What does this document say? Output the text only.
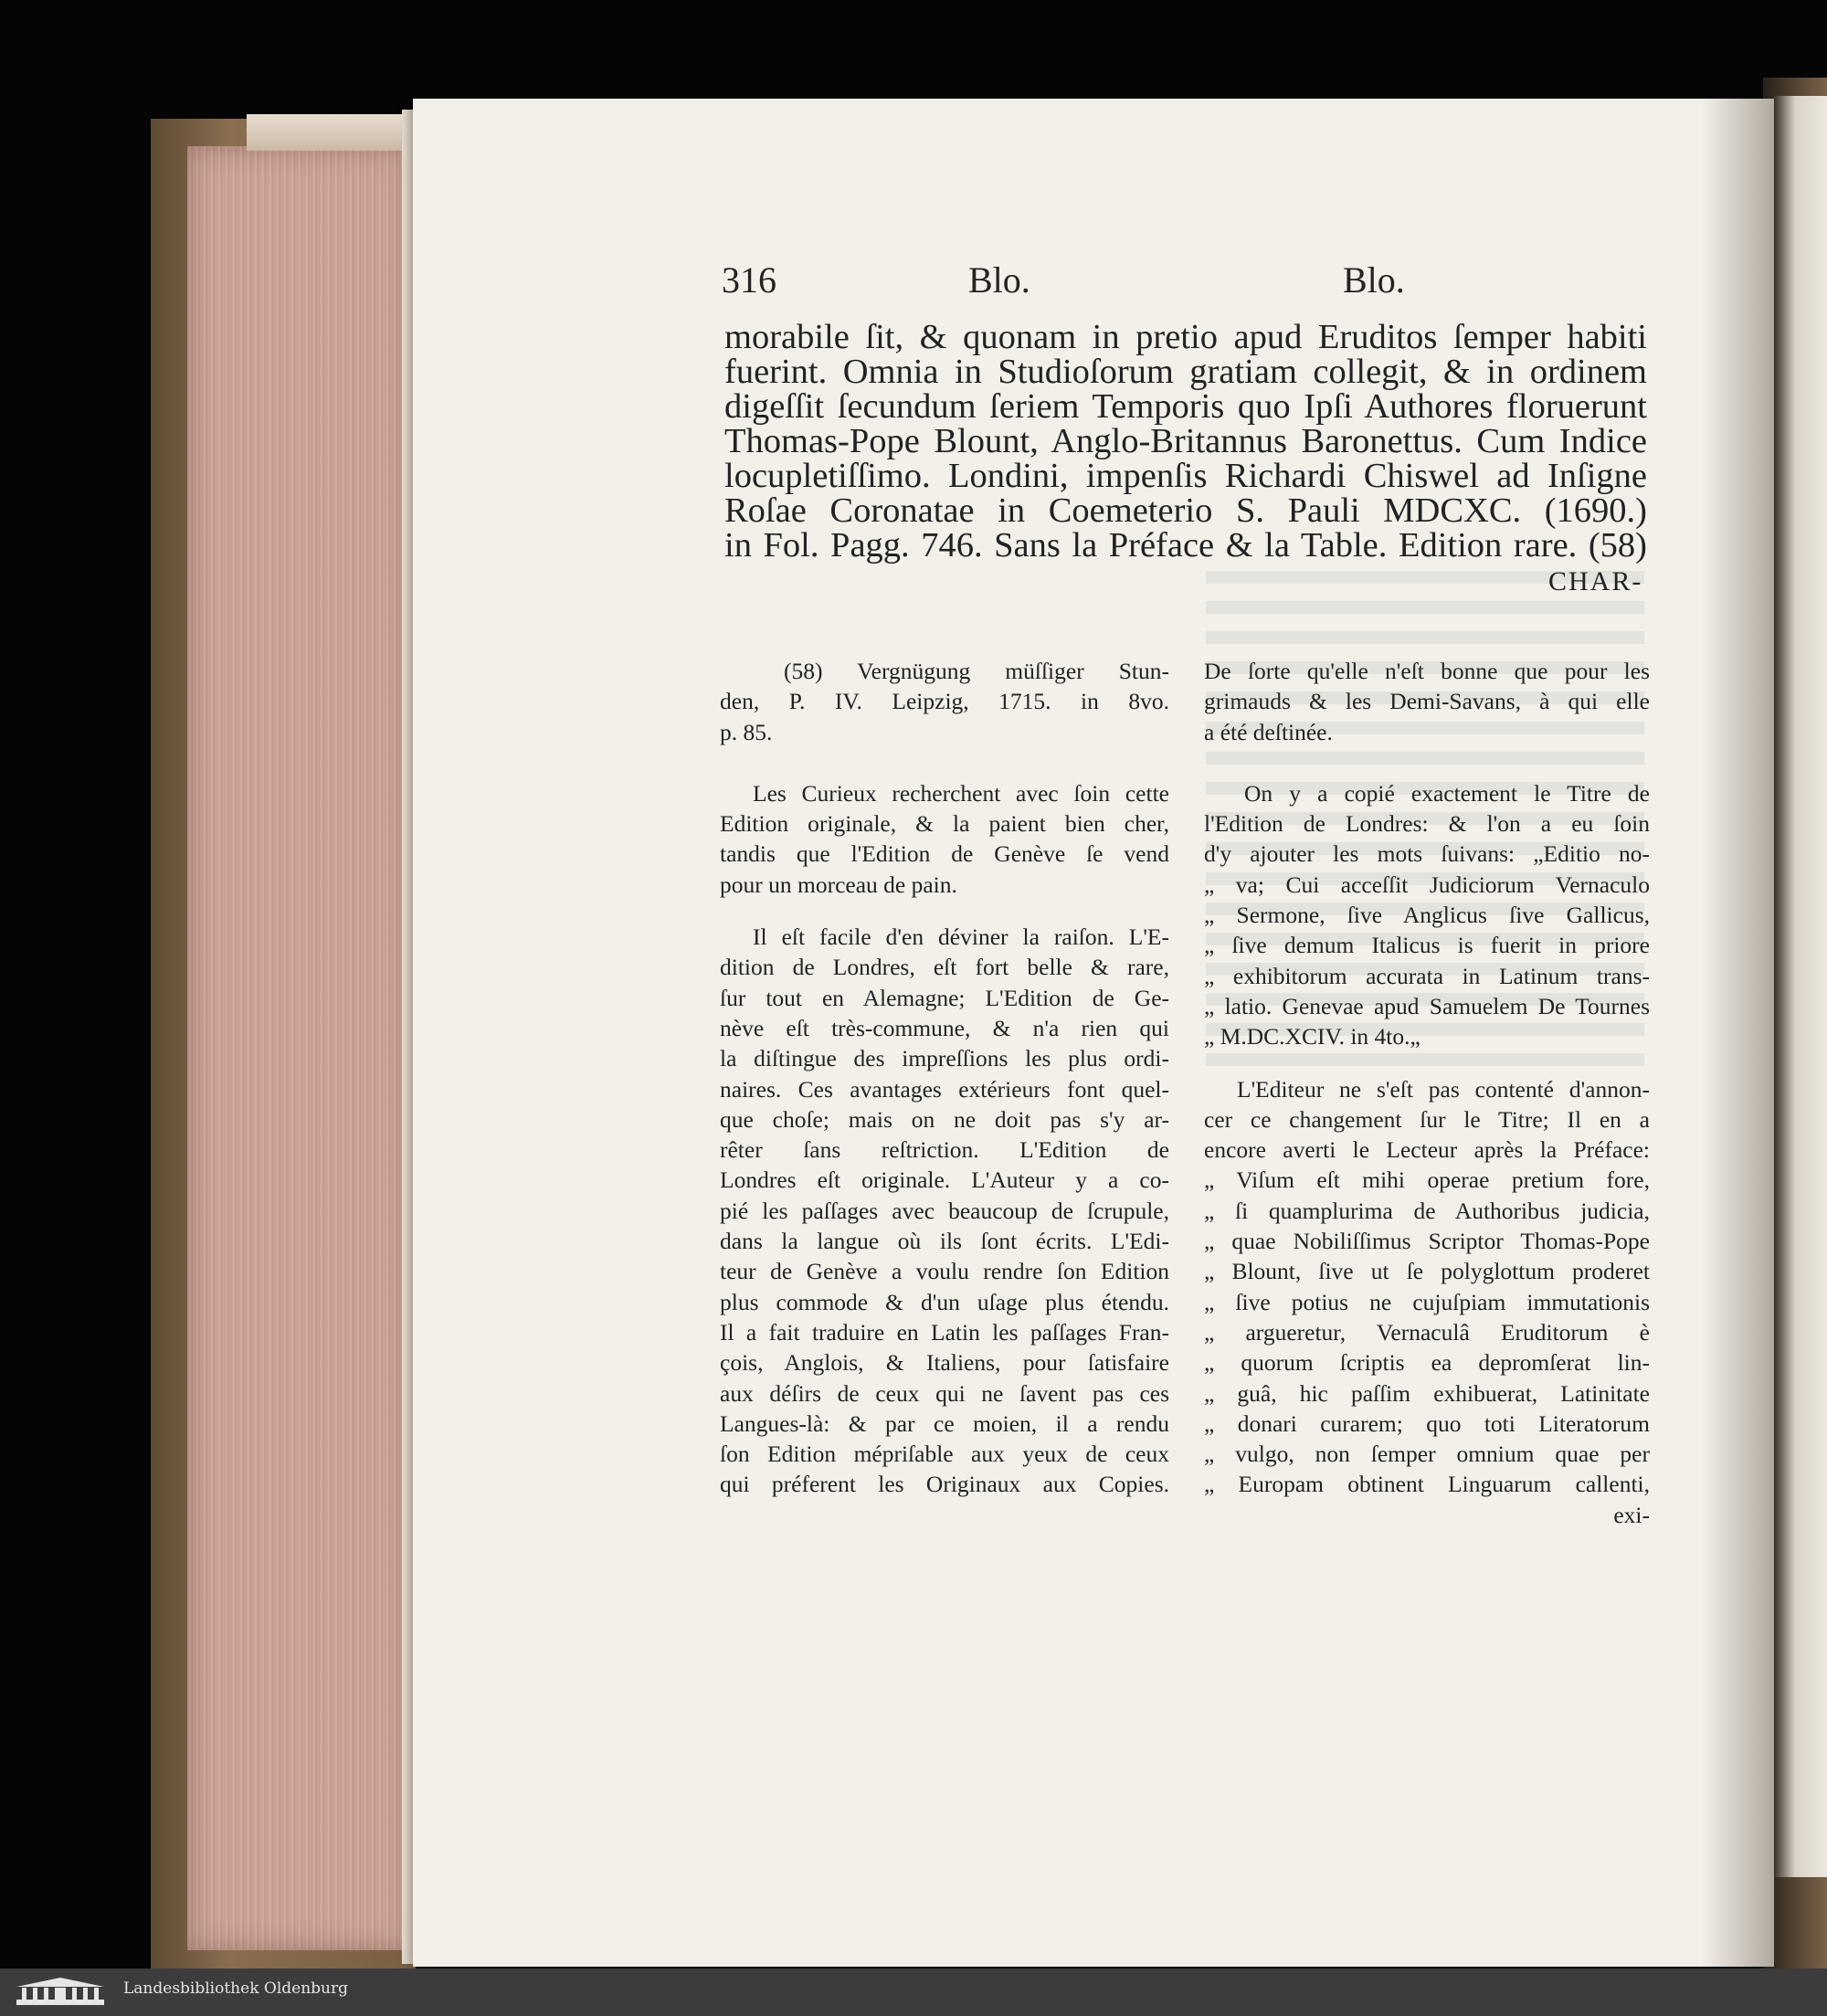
316	Blo.	Blo.
morabile ſit, & quonam in pretio apud Eruditos ſemper habiti
fuerint. Omnia in Studioſorum gratiam collegit, & in ordinem
digeſſit ſecundum ſeriem Temporis quo Ipſi Authores floruerunt
Thomas-Pope Blount, Anglo-Britannus Baronettus. Cum Indice
locupletiſſimo. Londini, impenſis Richardi Chiswel ad Inſigne
Roſae Coronatae in Coemeterio S. Pauli MDCXC. (1690.)
in Fol. Pagg. 746. Sans la Préface & la Table. Edition rare. (58)
CHAR-
(58) Vergnügung müſſiger Stun-
den, P. IV. Leipzig, 1715. in 8vo.
p. 85.
Les Curieux recherchent avec ſoin cette
Edition originale, & la paient bien cher,
tandis que l'Edition de Genève ſe vend
pour un morceau de pain.
Il eſt facile d'en déviner la raiſon. L'E-
dition de Londres, eſt fort belle & rare,
ſur tout en Alemagne; L'Edition de Ge-
nève eſt très-commune, & n'a rien qui
la diſtingue des impreſſions les plus ordi-
naires. Ces avantages extérieurs font quel-
que choſe; mais on ne doit pas s'y ar-
rêter ſans reſtriction. L'Edition de
Londres eſt originale. L'Auteur y a co-
pié les paſſages avec beaucoup de ſcrupule,
dans la langue où ils ſont écrits. L'Edi-
teur de Genève a voulu rendre ſon Edition
plus commode & d'un uſage plus étendu.
Il a fait traduire en Latin les paſſages Fran-
çois, Anglois, & Italiens, pour ſatisfaire
aux déſirs de ceux qui ne ſavent pas ces
Langues-là: & par ce moien, il a rendu
ſon Edition mépriſable aux yeux de ceux
qui préferent les Originaux aux Copies.
De ſorte qu'elle n'eſt bonne que pour les
grimauds & les Demi-Savans, à qui elle
a été deſtinée.
On y a copié exactement le Titre de
l'Edition de Londres: & l'on a eu ſoin
d'y ajouter les mots ſuivans: „Editio no-
„ va; Cui acceſſit Judiciorum Vernaculo
„ Sermone, ſive Anglicus ſive Gallicus,
„ ſive demum Italicus is fuerit in priore
„ exhibitorum accurata in Latinum trans-
„ latio. Genevae apud Samuelem De Tournes
„ M.DC.XCIV. in 4to.„
L'Editeur ne s'eſt pas contenté d'annon-
cer ce changement ſur le Titre; Il en a
encore averti le Lecteur après la Préface:
„ Viſum eſt mihi operae pretium fore,
„ ſi quamplurima de Authoribus judicia,
„ quae Nobiliſſimus Scriptor Thomas-Pope
„ Blount, ſive ut ſe polyglottum proderet
„ ſive potius ne cujuſpiam immutationis
„ argueretur, Vernaculâ Eruditorum è
„ quorum ſcriptis ea depromſerat lin-
„ guâ, hic paſſim exhibuerat, Latinitate
„ donari curarem; quo toti Literatorum
„ vulgo, non ſemper omnium quae per
„ Europam obtinent Linguarum callenti,
exi-
Landesbibliothek Oldenburg
